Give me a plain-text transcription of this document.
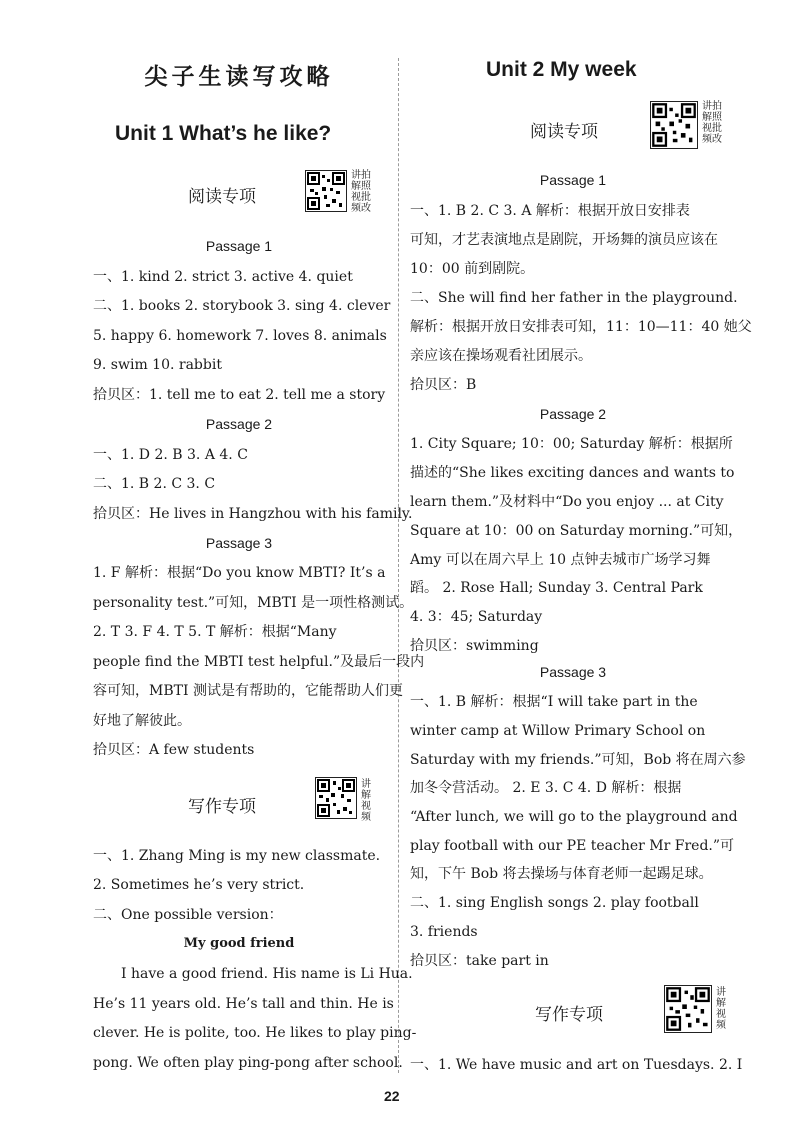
尖子生读写攻略
Unit 1 What’s he like?
阅读专项
讲拍解照视批频改
Passage 1
一、1. kind 2. strict 3. active 4. quiet
二、1. books 2. storybook 3. sing 4. clever
5. happy 6. homework 7. loves 8. animals
9. swim 10. rabbit
拾贝区：1. tell me to eat 2. tell me a story
Passage 2
一、1. D 2. B 3. A 4. C
二、1. B 2. C 3. C
拾贝区：He lives in Hangzhou with his family.
Passage 3
1. F 解析：根据“Do you know MBTI? It’s a
personality test.”可知，MBTI 是一项性格测试。
2. T 3. F 4. T 5. T 解析：根据“Many
people find the MBTI test helpful.”及最后一段内
容可知，MBTI 测试是有帮助的，它能帮助人们更
好地了解彼此。
拾贝区：A few students
写作专项
讲解视频
一、1. Zhang Ming is my new classmate.
2. Sometimes he’s very strict.
二、One possible version：
My good friend
I have a good friend. His name is Li Hua.
He’s 11 years old. He’s tall and thin. He is
clever. He is polite, too. He likes to play ping-
pong. We often play ping-pong after school.
Unit 2 My week
阅读专项
讲拍解照视批频改
Passage 1
一、1. B 2. C 3. A 解析：根据开放日安排表
可知，才艺表演地点是剧院，开场舞的演员应该在
10：00 前到剧院。
二、She will find her father in the playground.
解析：根据开放日安排表可知，11：10—11：40 她父
亲应该在操场观看社团展示。
拾贝区：B
Passage 2
1. City Square; 10：00; Saturday 解析：根据所
描述的“She likes exciting dances and wants to
learn them.”及材料中“Do you enjoy ... at City
Square at 10：00 on Saturday morning.”可知，
Amy 可以在周六早上 10 点钟去城市广场学习舞
蹈。 2. Rose Hall; Sunday 3. Central Park
4. 3：45; Saturday
拾贝区：swimming
Passage 3
一、1. B 解析：根据“I will take part in the
winter camp at Willow Primary School on
Saturday with my friends.”可知，Bob 将在周六参
加冬令营活动。 2. E 3. C 4. D 解析：根据
“After lunch, we will go to the playground and
play football with our PE teacher Mr Fred.”可
知，下午 Bob 将去操场与体育老师一起踢足球。
二、1. sing English songs 2. play football
3. friends
拾贝区：take part in
写作专项
讲解视频
一、1. We have music and art on Tuesdays. 2. I
22
